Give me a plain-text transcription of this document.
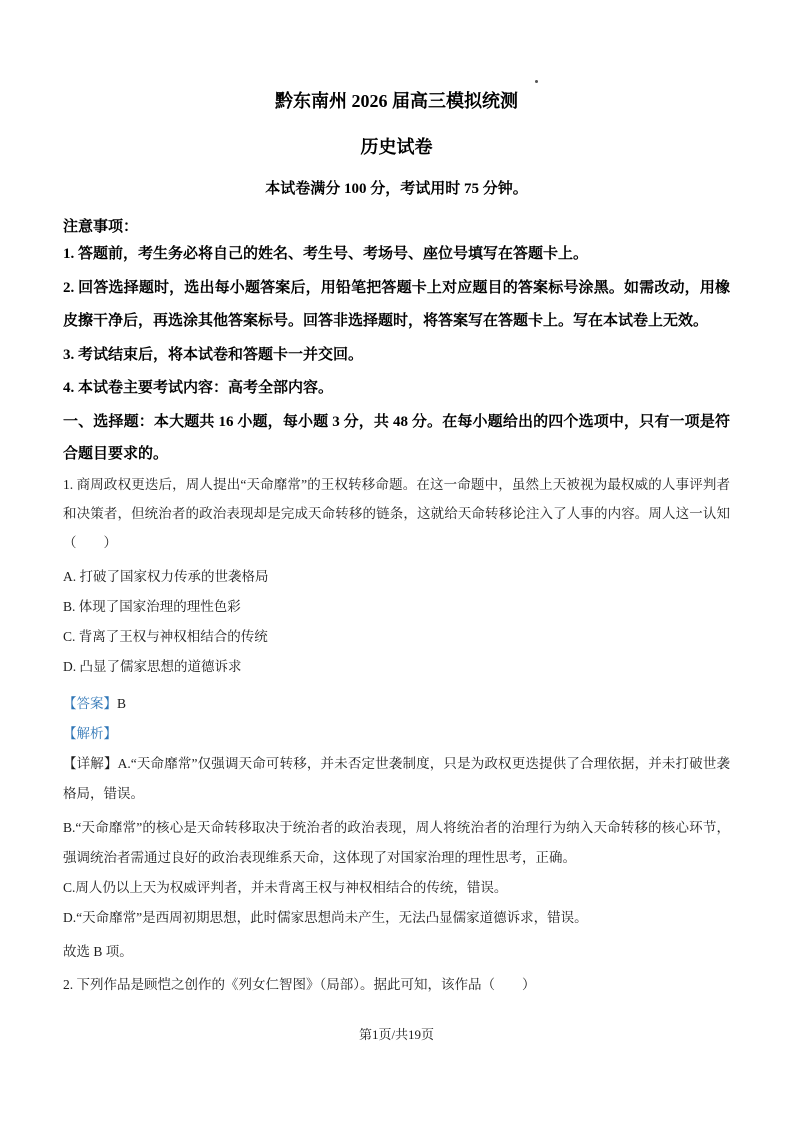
黔东南州 2026 届高三模拟统测
历史试卷

本试卷满分 100 分，考试用时 75 分钟。

注意事项：

1. 答题前，考生务必将自己的姓名、考生号、考场号、座位号填写在答题卡上。

2. 回答选择题时，选出每小题答案后，用铅笔把答题卡上对应题目的答案标号涂黑。如需改动，用橡皮擦干净后，再选涂其他答案标号。回答非选择题时，将答案写在答题卡上。写在本试卷上无效。

3. 考试结束后，将本试卷和答题卡一并交回。

4. 本试卷主要考试内容：高考全部内容。

一、选择题：本大题共 16 小题，每小题 3 分，共 48 分。在每小题给出的四个选项中，只有一项是符合题目要求的。

1. 商周政权更迭后，周人提出“天命靡常”的王权转移命题。在这一命题中，虽然上天被视为最权威的人事评判者和决策者，但统治者的政治表现却是完成天命转移的链条，这就给天命转移论注入了人事的内容。周人这一认知（　　）

A. 打破了国家权力传承的世袭格局

B. 体现了国家治理的理性色彩

C. 背离了王权与神权相结合的传统

D. 凸显了儒家思想的道德诉求

【答案】B

【解析】

【详解】A.“天命靡常”仅强调天命可转移，并未否定世袭制度，只是为政权更迭提供了合理依据，并未打破世袭格局，错误。

B.“天命靡常”的核心是天命转移取决于统治者的政治表现，周人将统治者的治理行为纳入天命转移的核心环节，强调统治者需通过良好的政治表现维系天命，这体现了对国家治理的理性思考，正确。

C.周人仍以上天为权威评判者，并未背离王权与神权相结合的传统，错误。

D.“天命靡常”是西周初期思想，此时儒家思想尚未产生，无法凸显儒家道德诉求，错误。

故选 B 项。

2. 下列作品是顾恺之创作的《列女仁智图》（局部）。据此可知，该作品（　　）

第1页/共19页
